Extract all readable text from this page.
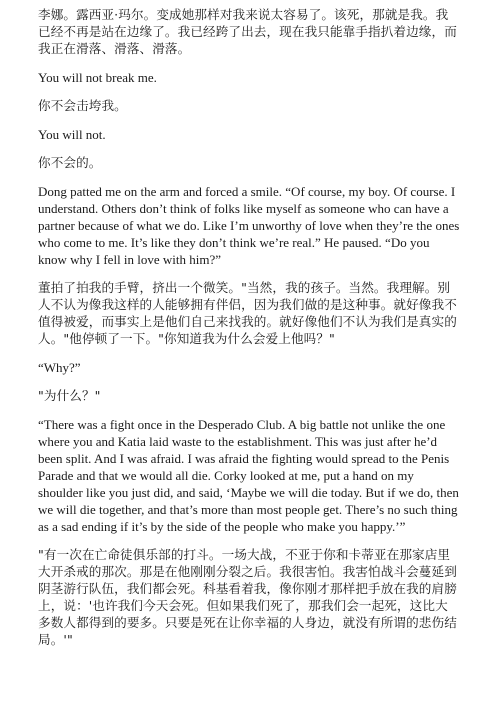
李娜。露西亚·玛尔。变成她那样对我来说太容易了。该死，那就是我。我已经不再是站在边缘了。我已经跨了出去，现在我只能靠手指扒着边缘，而我正在滑落、滑落、滑落。

You will not break me.

你不会击垮我。

You will not.

你不会的。

Dong patted me on the arm and forced a smile. “Of course, my boy. Of course. I understand. Others don’t think of folks like myself as someone who can have a partner because of what we do. Like I’m unworthy of love when they’re the ones who come to me. It’s like they don’t think we’re real.” He paused. “Do you know why I fell in love with him?”

董拍了拍我的手臂，挤出一个微笑。"当然，我的孩子。当然。我理解。别人不认为像我这样的人能够拥有伴侣，因为我们做的是这种事。就好像我不值得被爱，而事实上是他们自己来找我的。就好像他们不认为我们是真实的人。"他停顿了一下。"你知道我为什么会爱上他吗？"

“Why?”

"为什么？"

“There was a fight once in the Desperado Club. A big battle not unlike the one where you and Katia laid waste to the establishment. This was just after he’d been split. And I was afraid. I was afraid the fighting would spread to the Penis Parade and that we would all die. Corky looked at me, put a hand on my shoulder like you just did, and said, ‘Maybe we will die today. But if we do, then we will die together, and that’s more than most people get. There’s no such thing as a sad ending if it’s by the side of the people who make you happy.’”

"有一次在亡命徒俱乐部的打斗。一场大战，不亚于你和卡蒂亚在那家店里大开杀戒的那次。那是在他刚刚分裂之后。我很害怕。我害怕战斗会蔓延到阴茎游行队伍，我们都会死。科基看着我，像你刚才那样把手放在我的肩膀上，说：'也许我们今天会死。但如果我们死了，那我们会一起死，这比大多数人都得到的要多。只要是死在让你幸福的人身边，就没有所谓的悲伤结局。'"
